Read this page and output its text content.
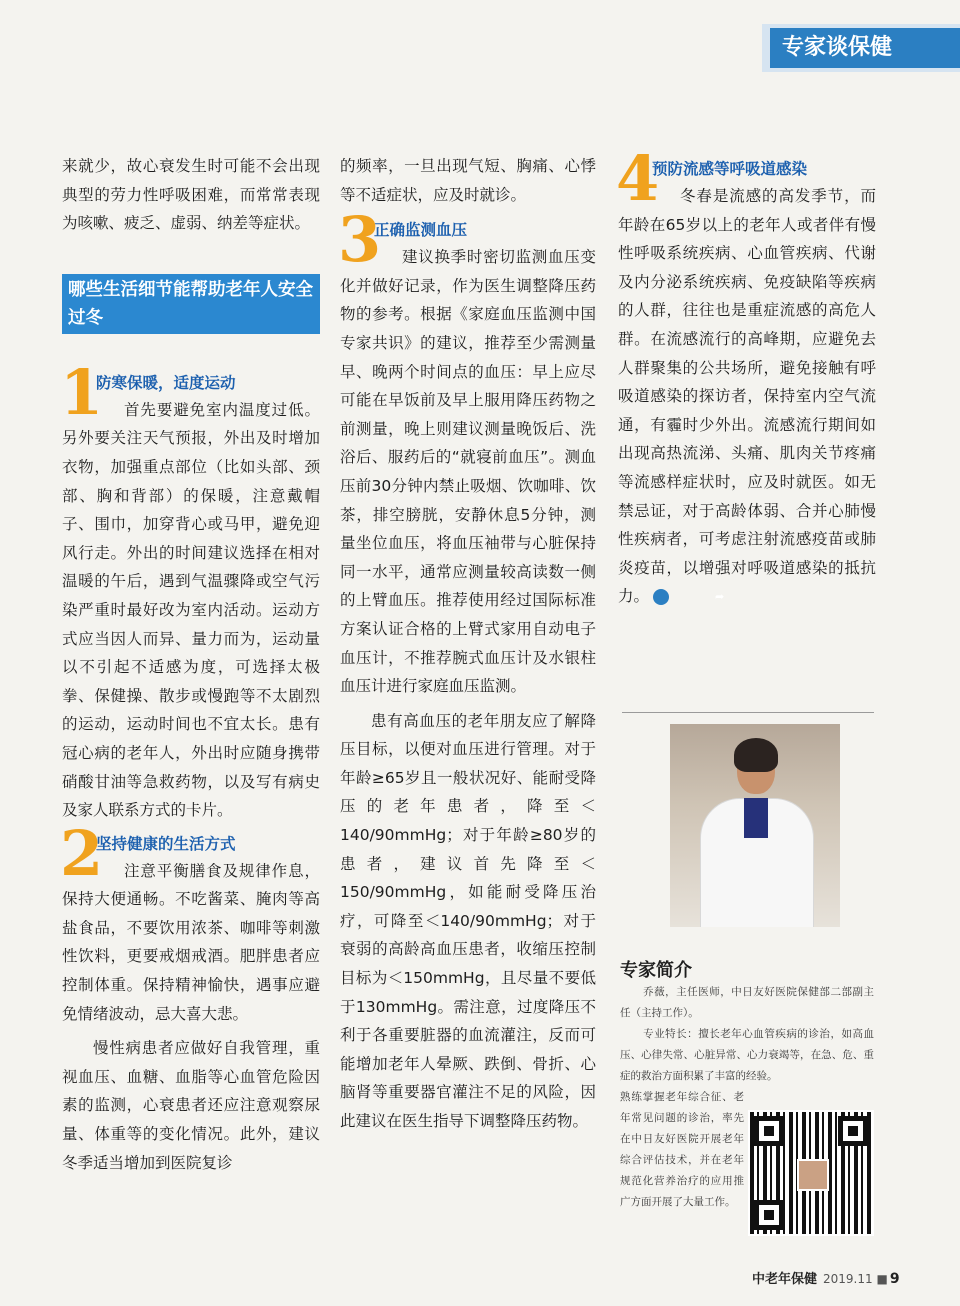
专家谈保健

来就少，故心衰发生时可能不会出现典型的劳力性呼吸困难，而常常表现为咳嗽、疲乏、虚弱、纳差等症状。

哪些生活细节能帮助老年人安全过冬
1
防寒保暖，适度运动

首先要避免室内温度过低。另外要关注天气预报，外出及时增加衣物，加强重点部位（比如头部、颈部、胸和背部）的保暖，注意戴帽子、围巾，加穿背心或马甲，避免迎风行走。外出的时间建议选择在相对温暖的午后，遇到气温骤降或空气污染严重时最好改为室内活动。运动方式应当因人而异、量力而为，运动量以不引起不适感为度，可选择太极拳、保健操、散步或慢跑等不太剧烈的运动，运动时间也不宜太长。患有冠心病的老年人，外出时应随身携带硝酸甘油等急救药物，以及写有病史及家人联系方式的卡片。

2
坚持健康的生活方式

注意平衡膳食及规律作息，保持大便通畅。不吃酱菜、腌肉等高盐食品，不要饮用浓茶、咖啡等刺激性饮料，更要戒烟戒酒。肥胖患者应控制体重。保持精神愉快，遇事应避免情绪波动，忌大喜大悲。

慢性病患者应做好自我管理，重视血压、血糖、血脂等心血管危险因素的监测，心衰患者还应注意观察尿量、体重等的变化情况。此外，建议冬季适当增加到医院复诊

的频率，一旦出现气短、胸痛、心悸等不适症状，应及时就诊。

3
正确监测血压

建议换季时密切监测血压变化并做好记录，作为医生调整降压药物的参考。根据《家庭血压监测中国专家共识》的建议，推荐至少需测量早、晚两个时间点的血压：早上应尽可能在早饭前及早上服用降压药物之前测量，晚上则建议测量晚饭后、洗浴后、服药后的“就寝前血压”。测血压前30分钟内禁止吸烟、饮咖啡、饮茶，排空膀胱，安静休息5分钟，测量坐位血压，将血压袖带与心脏保持同一水平，通常应测量较高读数一侧的上臂血压。推荐使用经过国际标准方案认证合格的上臂式家用自动电子血压计，不推荐腕式血压计及水银柱血压计进行家庭血压监测。

患有高血压的老年朋友应了解降压目标，以便对血压进行管理。对于年龄≥65岁且一般状况好、能耐受降压的老年患者，降至＜140/90mmHg；对于年龄≥80岁的患者，建议首先降至＜150/90mmHg，如能耐受降压治疗，可降至＜140/90mmHg；对于衰弱的高龄高血压患者，收缩压控制目标为＜150mmHg，且尽量不要低于130mmHg。需注意，过度降压不利于各重要脏器的血流灌注，反而可能增加老年人晕厥、跌倒、骨折、心脑肾等重要器官灌注不足的风险，因此建议在医生指导下调整降压药物。

4
预防流感等呼吸道感染

冬春是流感的高发季节，而年龄在65岁以上的老年人或者伴有慢性呼吸系统疾病、心血管疾病、代谢及内分泌系统疾病、免疫缺陷等疾病的人群，往往也是重症流感的高危人群。在流感流行的高峰期，应避免去人群聚集的公共场所，避免接触有呼吸道感染的探访者，保持室内空气流通，有霾时少外出。流感流行期间如出现高热流涕、头痛、肌肉关节疼痛等流感样症状时，应及时就医。如无禁忌证，对于高龄体弱、合并心肺慢性疾病者，可考虑注射流感疫苗或肺炎疫苗，以增强对呼吸道感染的抵抗力。	➦

专家简介

乔薇，主任医师，中日友好医院保健部二部副主任（主持工作）。

专业特长：擅长老年心血管疾病的诊治，如高血压、心律失常、心脏异常、心力衰竭等，在急、危、重症的救治方面积累了丰富的经验。

熟练掌握老年综合征、老年常见问题的诊治，率先在中日友好医院开展老年综合评估技术，并在老年规范化营养治疗的应用推广方面开展了大量工作。

中老年保健 2019.11 ■ 9
